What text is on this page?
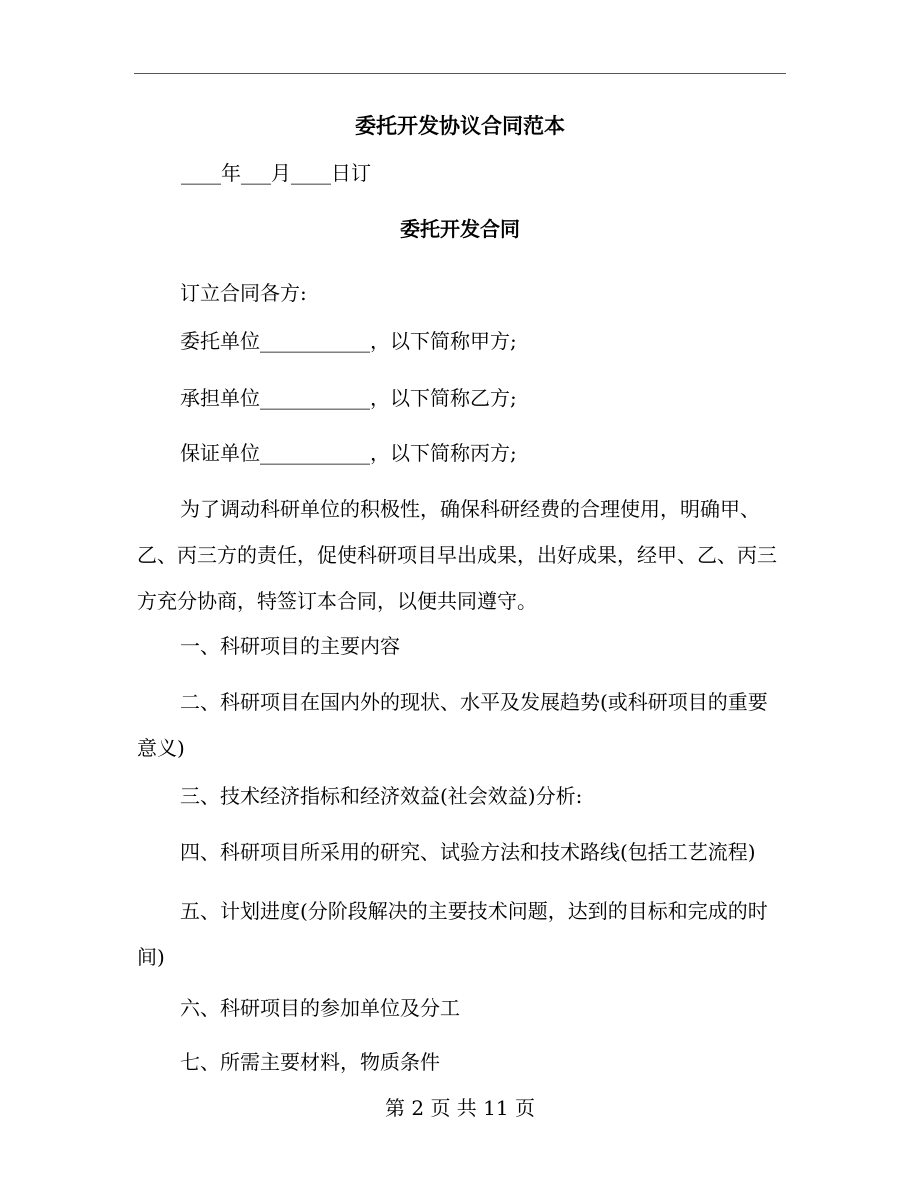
委托开发协议合同范本
____年___月____日订
委托开发合同

订立合同各方:

委托单位___________，以下简称甲方;

承担单位___________，以下简称乙方;

保证单位___________，以下简称丙方;

为了调动科研单位的积极性，确保科研经费的合理使用，明确甲、乙、丙三方的责任，促使科研项目早出成果，出好成果，经甲、乙、丙三方充分协商，特签订本合同，以便共同遵守。

一、科研项目的主要内容

二、科研项目在国内外的现状、水平及发展趋势(或科研项目的重要意义)

三、技术经济指标和经济效益(社会效益)分析:

四、科研项目所采用的研究、试验方法和技术路线(包括工艺流程)

五、计划进度(分阶段解决的主要技术问题，达到的目标和完成的时间)

六、科研项目的参加单位及分工

七、所需主要材料，物质条件

第 2 页 共 11 页
